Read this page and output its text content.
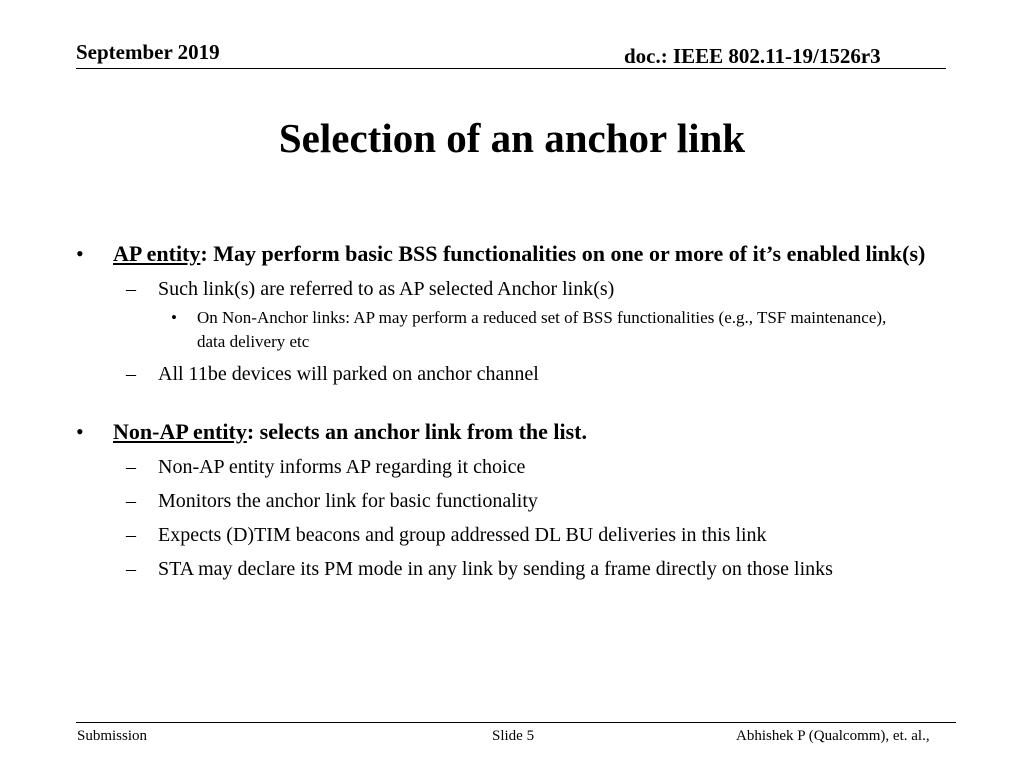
September 2019	doc.: IEEE 802.11-19/1526r3
Selection of an anchor link
• AP entity: May perform basic BSS functionalities on one or more of it’s enabled link(s)
– Such link(s) are referred to as AP selected Anchor link(s)
• On Non-Anchor links: AP may perform a reduced set of BSS functionalities (e.g., TSF maintenance), data delivery etc
– All 11be devices will parked on anchor channel
• Non-AP entity: selects an anchor link from the list.
– Non-AP entity informs AP regarding it choice
– Monitors the anchor link for basic functionality
– Expects (D)TIM beacons and group addressed DL BU deliveries in this link
– STA may declare its PM mode in any link by sending a frame directly on those links
Submission	Slide 5	Abhishek P (Qualcomm), et. al.,
